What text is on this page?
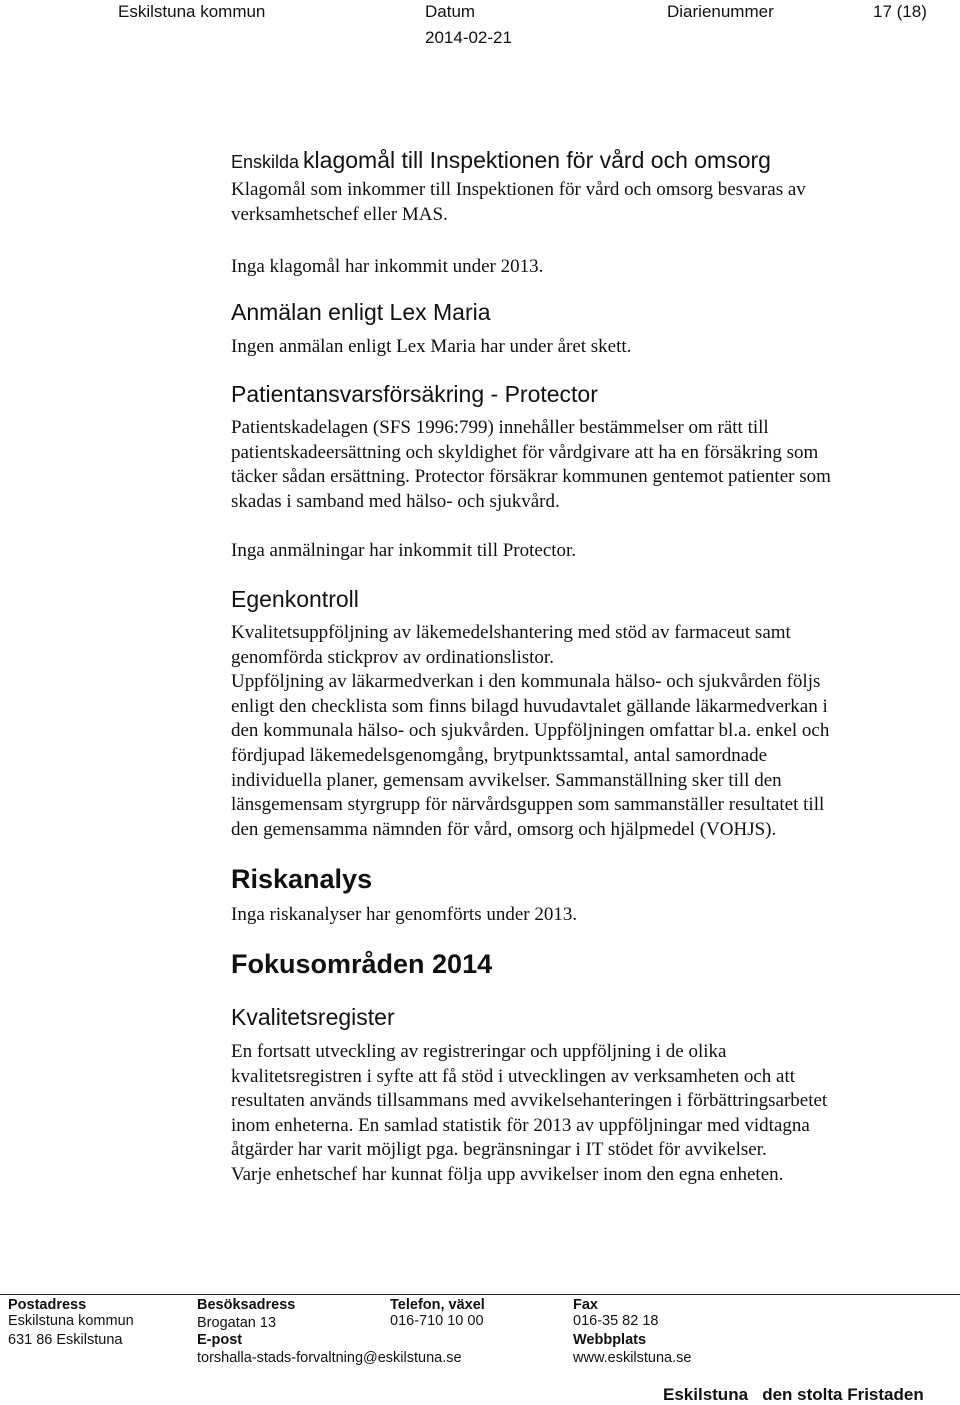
Eskilstuna kommun	Datum
2014-02-21
Diarienummer	17 (18)
Enskilda klagomål till Inspektionen för vård och omsorg
Klagomål som inkommer till Inspektionen för vård och omsorg besvaras av
verksamhetschef eller MAS.
Inga klagomål har inkommit under 2013.
Anmälan enligt Lex Maria
Ingen anmälan enligt Lex Maria har under året skett.
Patientansvarsförsäkring - Protector
Patientskadelagen (SFS 1996:799) innehåller bestämmelser om rätt till
patientskadeersättning och skyldighet för vårdgivare att ha en försäkring som
täcker sådan ersättning. Protector försäkrar kommunen gentemot patienter som
skadas i samband med hälso- och sjukvård.
Inga anmälningar har inkommit till Protector.
Egenkontroll
Kvalitetsuppföljning av läkemedelshantering med stöd av farmaceut samt
genomförda stickprov av ordinationslistor.
Uppföljning av läkarmedverkan i den kommunala hälso- och sjukvården följs
enligt den checklista som finns bilagd huvudavtalet gällande läkarmedverkan i
den kommunala hälso- och sjukvården. Uppföljningen omfattar bl.a. enkel och
fördjupad läkemedelsgenomgång, brytpunktssamtal, antal samordnade
individuella planer, gemensam avvikelser. Sammanställning sker till den
länsgemensam styrgrupp för närvårdsguppen som sammanställer resultatet till
den gemensamma nämnden för vård, omsorg och hjälpmedel (VOHJS).
Riskanalys
Inga riskanalyser har genomförts under 2013.
Fokusområden 2014
Kvalitetsregister
En fortsatt utveckling av registreringar och uppföljning i de olika
kvalitetsregistren i syfte att få stöd i utvecklingen av verksamheten och att
resultaten används tillsammans med avvikelsehanteringen i förbättringsarbetet
inom enheterna. En samlad statistik för 2013 av uppföljningar med vidtagna
åtgärder har varit möjligt pga. begränsningar i IT stödet för avvikelser.
Varje enhetschef har kunnat följa upp avvikelser inom den egna enheten.
Postadress
Eskilstuna kommun
631 86 Eskilstuna
Besöksadress
Brogatan 13
E-post
torshalla-stads-forvaltning@eskilstuna.se
Telefon, växel
016-710 10 00
Fax
016-35 82 18
Webbplats
www.eskilstuna.se
Eskilstuna   den stolta Fristaden
